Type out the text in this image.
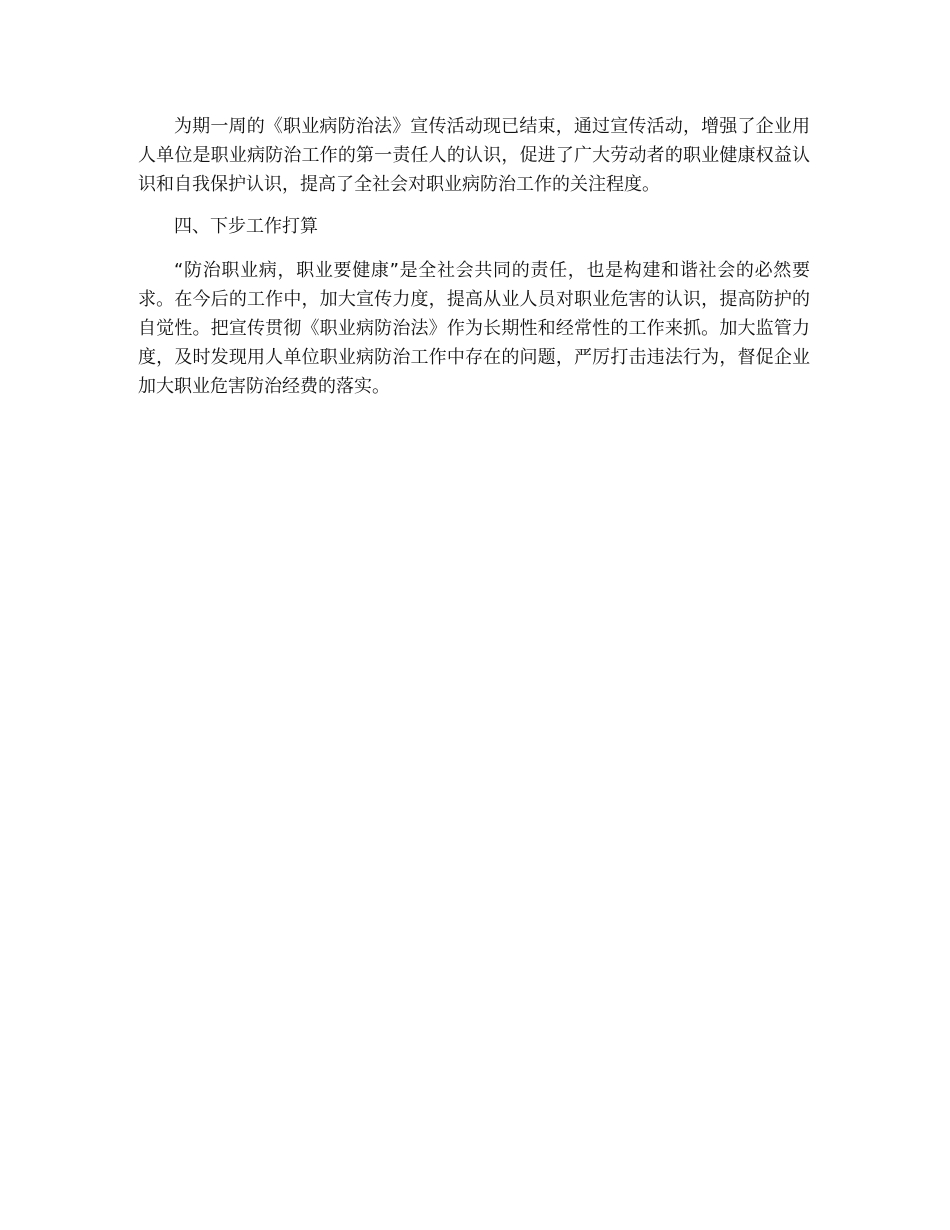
为期一周的《职业病防治法》宣传活动现已结束，通过宣传活动，增强了企业用人单位是职业病防治工作的第一责任人的认识，促进了广大劳动者的职业健康权益认识和自我保护认识，提高了全社会对职业病防治工作的关注程度。

四、下步工作打算

“防治职业病，职业要健康”是全社会共同的责任，也是构建和谐社会的必然要求。在今后的工作中，加大宣传力度，提高从业人员对职业危害的认识，提高防护的自觉性。把宣传贯彻《职业病防治法》作为长期性和经常性的工作来抓。加大监管力度，及时发现用人单位职业病防治工作中存在的问题，严厉打击违法行为，督促企业加大职业危害防治经费的落实。
